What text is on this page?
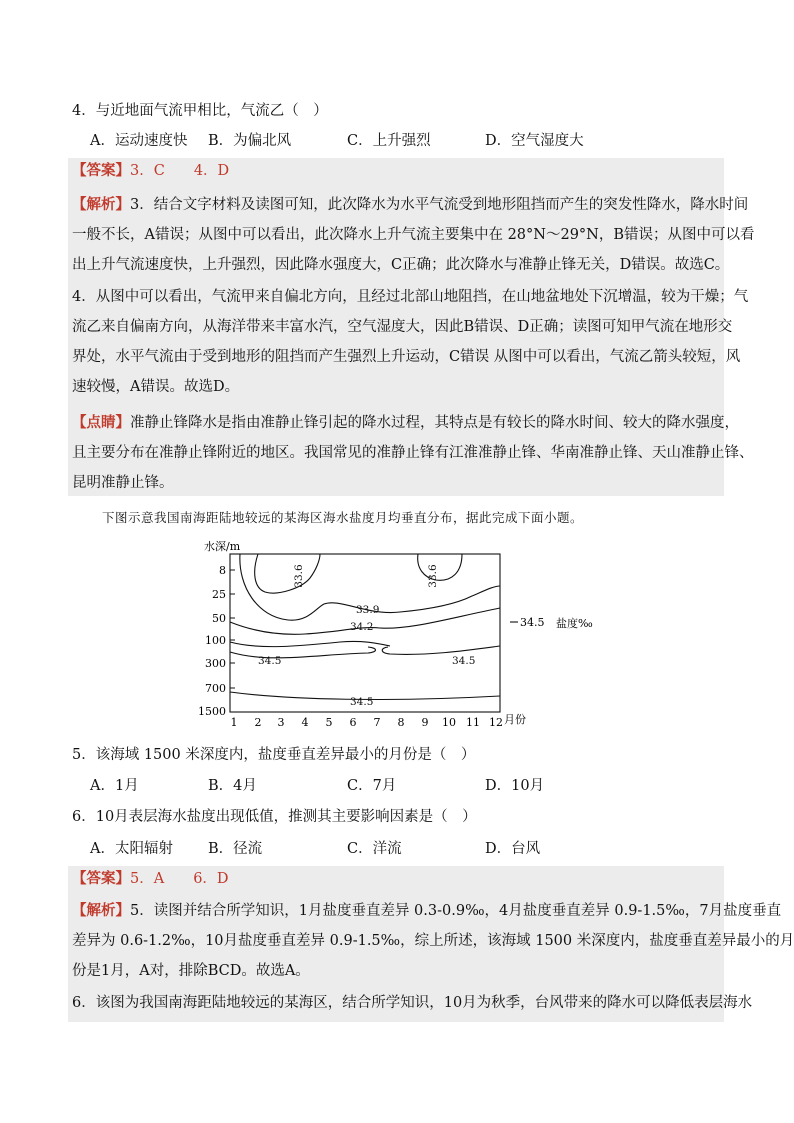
4．与近地面气流甲相比，气流乙（　）
A．运动速度快 B．为偏北风	C．上升强烈	D．空气湿度大
【答案】3．C　　4．D
【解析】3．结合文字材料及读图可知，此次降水为水平气流受到地形阻挡而产生的突发性降水，降水时间
一般不长，A错误；从图中可以看出，此次降水上升气流主要集中在 28°N～29°N，B错误；从图中可以看
出上升气流速度快，上升强烈，因此降水强度大，C正确；此次降水与准静止锋无关，D错误。故选C。
4．从图中可以看出，气流甲来自偏北方向，且经过北部山地阻挡，在山地盆地处下沉增温，较为干燥；气
流乙来自偏南方向，从海洋带来丰富水汽，空气湿度大，因此B错误、D正确；读图可知甲气流在地形交
界处，水平气流由于受到地形的阻挡而产生强烈上升运动，C错误 从图中可以看出，气流乙箭头较短，风
速较慢，A错误。故选D。
【点睛】准静止锋降水是指由准静止锋引起的降水过程，其特点是有较长的降水时间、较大的降水强度，
且主要分布在准静止锋附近的地区。我国常见的准静止锋有江淮准静止锋、华南准静止锋、天山准静止锋、
昆明准静止锋。
下图示意我国南海距陆地较远的某海区海水盐度月均垂直分布，据此完成下面小题。
水深/m
8
25
50
100
300
700
1500
1 2 3 4 5 6 7 8 9 10 11 12 月份
33.6	33.6
33.9
34.2
34.5	34.5
34.5
34.5 盐度‰
5．该海域 1500 米深度内，盐度垂直差异最小的月份是（　）
A．1月	B．4月	C．7月	D．10月
6．10月表层海水盐度出现低值，推测其主要影响因素是（　）
A．太阳辐射 B．径流	C．洋流	D．台风
【答案】5．A　　6．D
【解析】5．读图并结合所学知识，1月盐度垂直差异 0.3-0.9‰，4月盐度垂直差异 0.9-1.5‰，7月盐度垂直
差异为 0.6-1.2‰，10月盐度垂直差异 0.9-1.5‰，综上所述，该海域 1500 米深度内，盐度垂直差异最小的月
份是1月，A对，排除BCD。故选A。
6．该图为我国南海距陆地较远的某海区，结合所学知识，10月为秋季，台风带来的降水可以降低表层海水
